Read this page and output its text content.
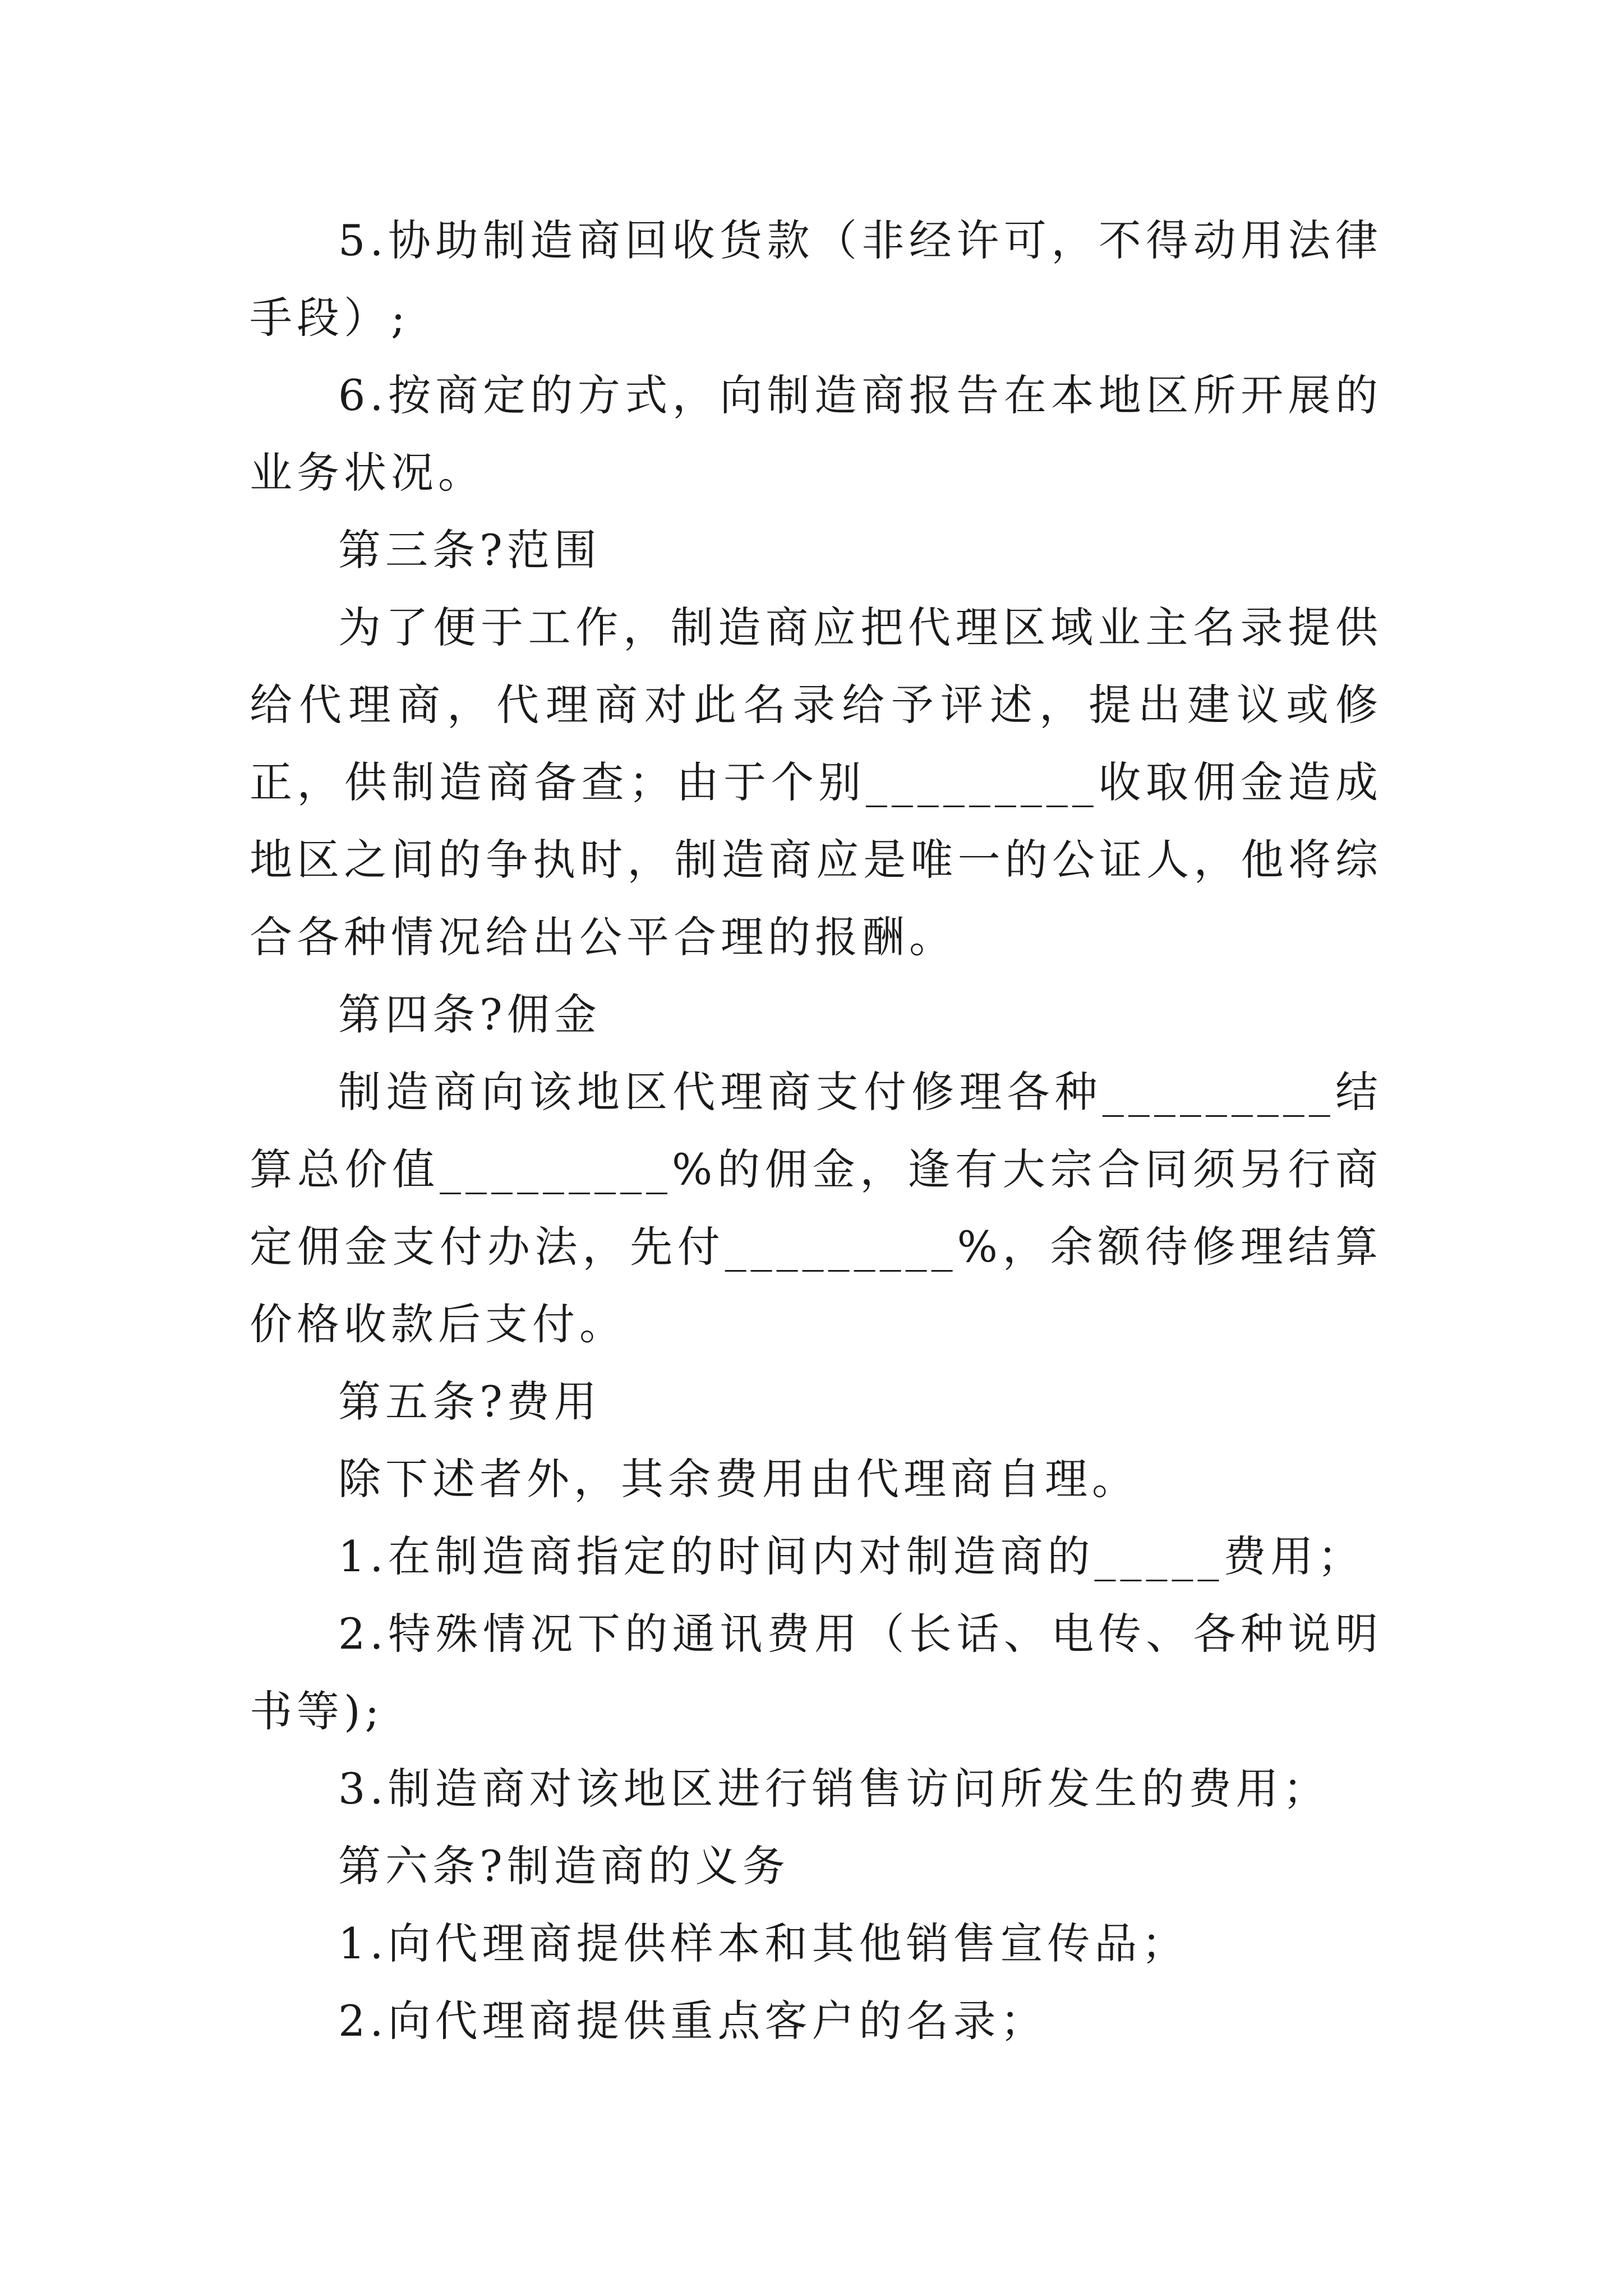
5.协助制造商回收货款（非经许可，不得动用法律手段）;

6.按商定的方式，向制造商报告在本地区所开展的业务状况。

第三条?范围

为了便于工作，制造商应把代理区域业主名录提供给代理商，代理商对此名录给予评述，提出建议或修正，供制造商备查；由于个别_________收取佣金造成地区之间的争执时，制造商应是唯一的公证人，他将综合各种情况给出公平合理的报酬。

第四条?佣金

制造商向该地区代理商支付修理各种_________结算总价值_________%的佣金，逢有大宗合同须另行商定佣金支付办法，先付_________%，余额待修理结算价格收款后支付。

第五条?费用

除下述者外，其余费用由代理商自理。

1.在制造商指定的时间内对制造商的_____费用；

2.特殊情况下的通讯费用（长话、电传、各种说明书等);

3.制造商对该地区进行销售访问所发生的费用；

第六条?制造商的义务

1.向代理商提供样本和其他销售宣传品；

2.向代理商提供重点客户的名录；
